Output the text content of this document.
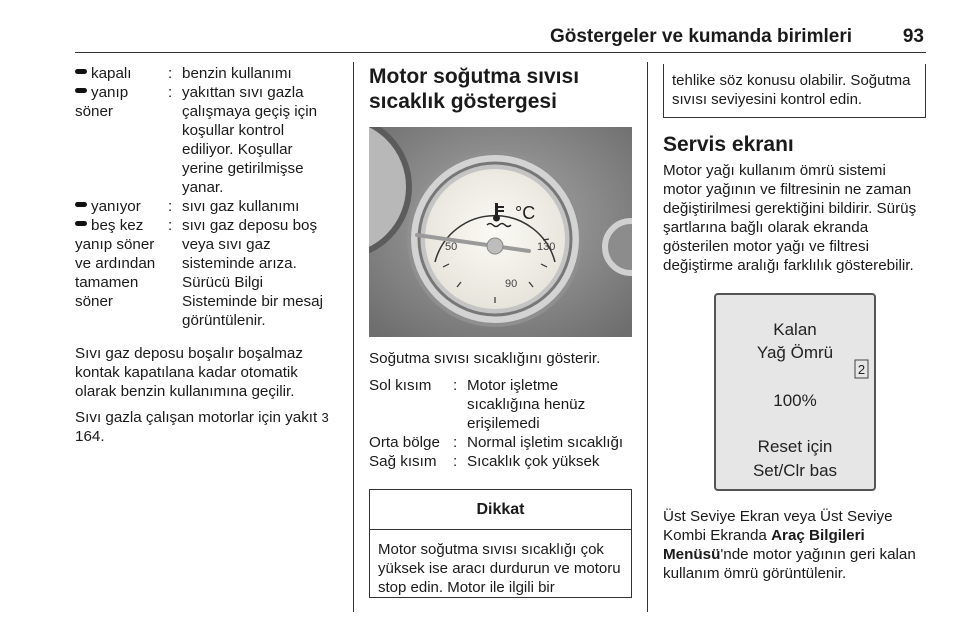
Göstergeler ve kumanda birimleri	93
kapalı	: benzin kullanımı
yanıp söner
: yakıttan sıvı gazla çalışmaya geçiş için koşullar kontrol ediliyor. Koşullar yerine getirilmişse yanar.
yanıyor	: sıvı gaz kullanımı
beş kez yanıp söner ve ardından tamamen söner
: sıvı gaz deposu boş veya sıvı gaz sisteminde arıza. Sürücü Bilgi Sisteminde bir mesaj görüntülenir.

Sıvı gaz deposu boşalır boşalmaz kontak kapatılana kadar otomatik olarak benzin kullanımına geçilir.

Sıvı gazla çalışan motorlar için yakıt 3 164.

Motor soğutma sıvısı sıcaklık göstergesi
50
90
130
°C

Soğutma sıvısı sıcaklığını gösterir.

Sol kısım	: Motor işletme sıcaklığına henüz erişilemedi
Orta bölge : Normal işletim sıcaklığı
Sağ kısım	: Sıcaklık çok yüksek
Dikkat
Motor soğutma sıvısı sıcaklığı çok yüksek ise aracı durdurun ve motoru stop edin. Motor ile ilgili bir
tehlike söz konusu olabilir. Soğutma sıvısı seviyesini kontrol edin.
Servis ekranı

Motor yağı kullanım ömrü sistemi motor yağının ve filtresinin ne zaman değiştirilmesi gerektiğini bildirir. Sürüş şartlarına bağlı olarak ekranda gösterilen motor yağı ve filtresi değiştirme aralığı farklılık gösterebilir.

Kalan
Yağ Ömrü
2
100%
Reset için
Set/Clr bas

Üst Seviye Ekran veya Üst Seviye Kombi Ekranda Araç Bilgileri Menüsü'nde motor yağının geri kalan kullanım ömrü görüntülenir.
